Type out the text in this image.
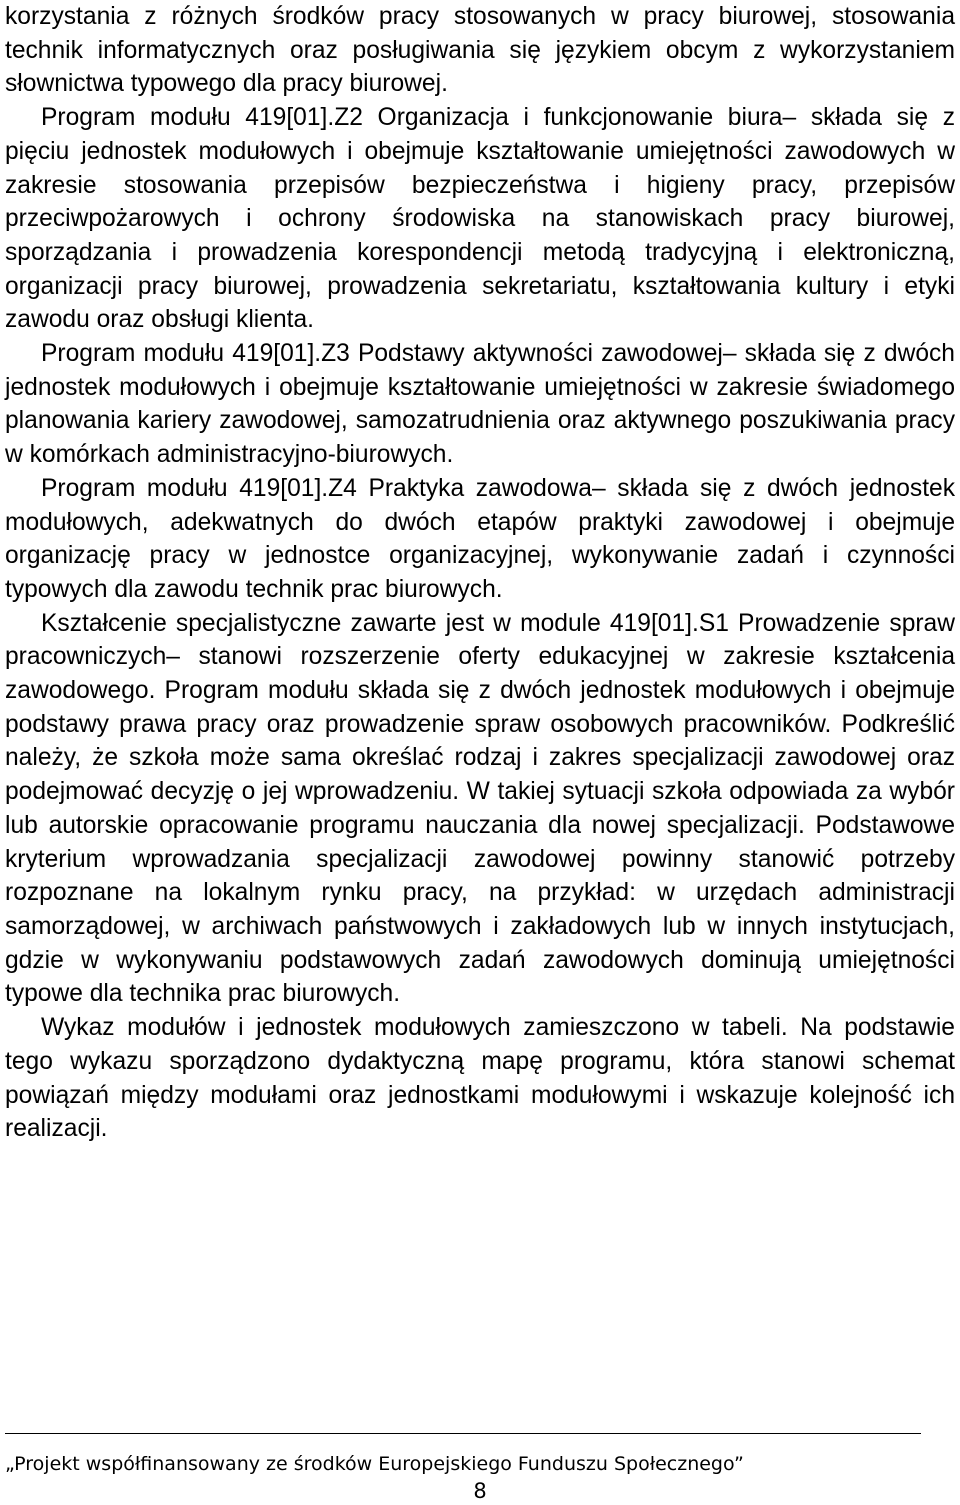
korzystania z różnych środków pracy stosowanych w pracy biurowej, stosowania technik informatycznych oraz posługiwania się językiem obcym z wykorzystaniem słownictwa typowego dla pracy biurowej.

Program modułu 419[01].Z2 Organizacja i funkcjonowanie biura– składa się z pięciu jednostek modułowych i obejmuje kształtowanie umiejętności zawodowych w zakresie stosowania przepisów bezpieczeństwa i higieny pracy, przepisów przeciwpożarowych i ochrony środowiska na stanowiskach pracy biurowej, sporządzania i prowadzenia korespondencji metodą tradycyjną i elektroniczną, organizacji pracy biurowej, prowadzenia sekretariatu, kształtowania kultury i etyki zawodu oraz obsługi klienta.

Program modułu 419[01].Z3 Podstawy aktywności zawodowej– składa się z dwóch jednostek modułowych i obejmuje kształtowanie umiejętności w zakresie świadomego planowania kariery zawodowej, samozatrudnienia oraz aktywnego poszukiwania pracy w komórkach administracyjno-biurowych.

Program modułu 419[01].Z4 Praktyka zawodowa– składa się z dwóch jednostek modułowych, adekwatnych do dwóch etapów praktyki zawodowej i obejmuje organizację pracy w jednostce organizacyjnej, wykonywanie zadań i czynności typowych dla zawodu technik prac biurowych.

Kształcenie specjalistyczne zawarte jest w module 419[01].S1 Prowadzenie spraw pracowniczych– stanowi rozszerzenie oferty edukacyjnej w zakresie kształcenia zawodowego. Program modułu składa się z dwóch jednostek modułowych i obejmuje podstawy prawa pracy oraz prowadzenie spraw osobowych pracowników. Podkreślić należy, że szkoła może sama określać rodzaj i zakres specjalizacji zawodowej oraz podejmować decyzję o jej wprowadzeniu. W takiej sytuacji szkoła odpowiada za wybór lub autorskie opracowanie programu nauczania dla nowej specjalizacji. Podstawowe kryterium wprowadzania specjalizacji zawodowej powinny stanowić potrzeby rozpoznane na lokalnym rynku pracy, na przykład: w urzędach administracji samorządowej, w archiwach państwowych i zakładowych lub w innych instytucjach, gdzie w wykonywaniu podstawowych zadań zawodowych dominują umiejętności typowe dla technika prac biurowych.

Wykaz modułów i jednostek modułowych zamieszczono w tabeli. Na podstawie tego wykazu sporządzono dydaktyczną mapę programu, która stanowi schemat powiązań między modułami oraz jednostkami modułowymi i wskazuje kolejność ich realizacji.

„Projekt współfinansowany ze środków Europejskiego Funduszu Społecznego”
8
